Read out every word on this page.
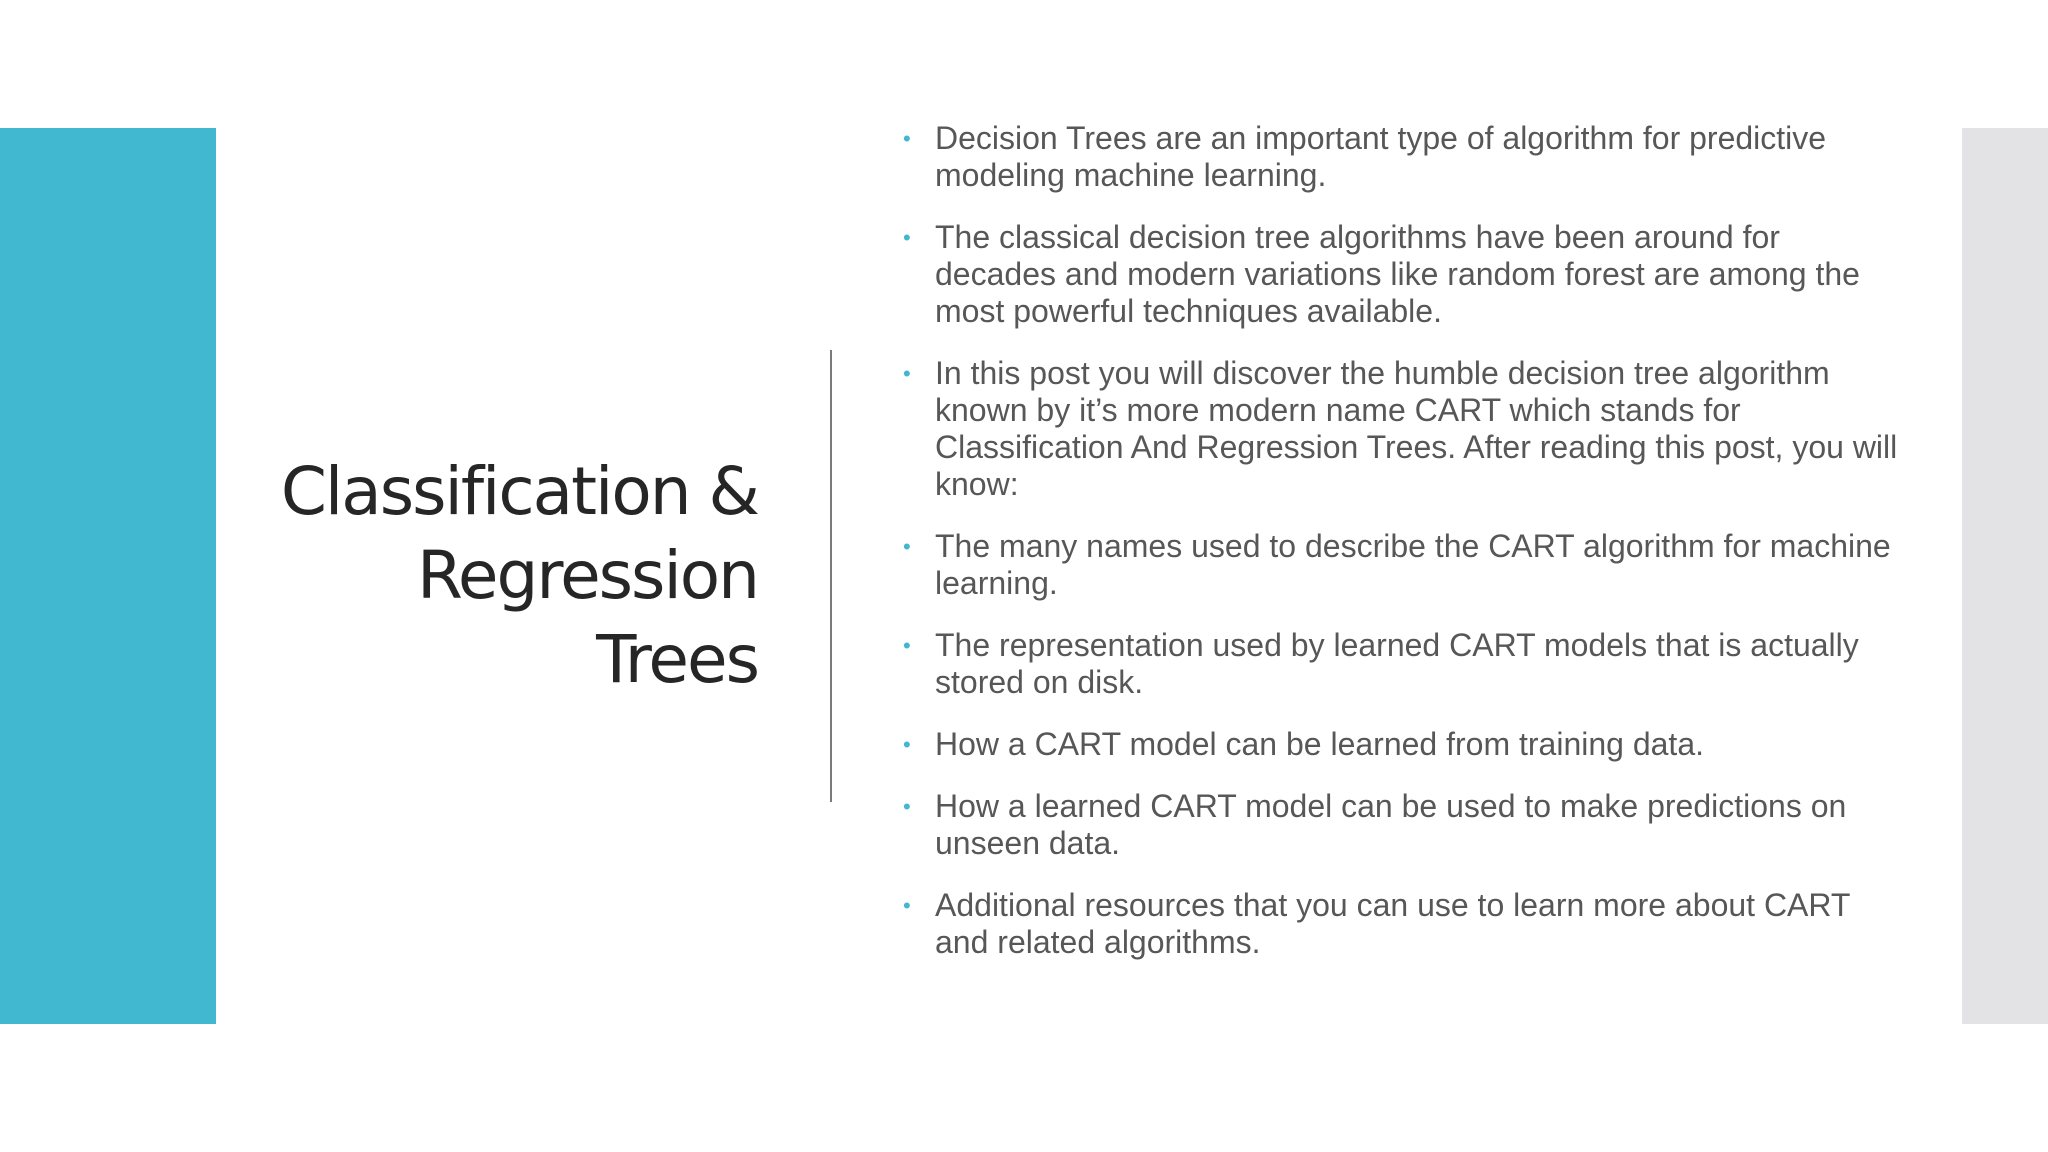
Classification &
Regression
Trees
• Decision Trees are an important type of algorithm for predictive modeling machine learning.
• The classical decision tree algorithms have been around for decades and modern variations like random forest are among the most powerful techniques available.
• In this post you will discover the humble decision tree algorithm known by it’s more modern name CART which stands for Classification And Regression Trees. After reading this post, you will know:
• The many names used to describe the CART algorithm for machine learning.
• The representation used by learned CART models that is actually stored on disk.
• How a CART model can be learned from training data.
• How a learned CART model can be used to make predictions on unseen data.
• Additional resources that you can use to learn more about CART and related algorithms.
